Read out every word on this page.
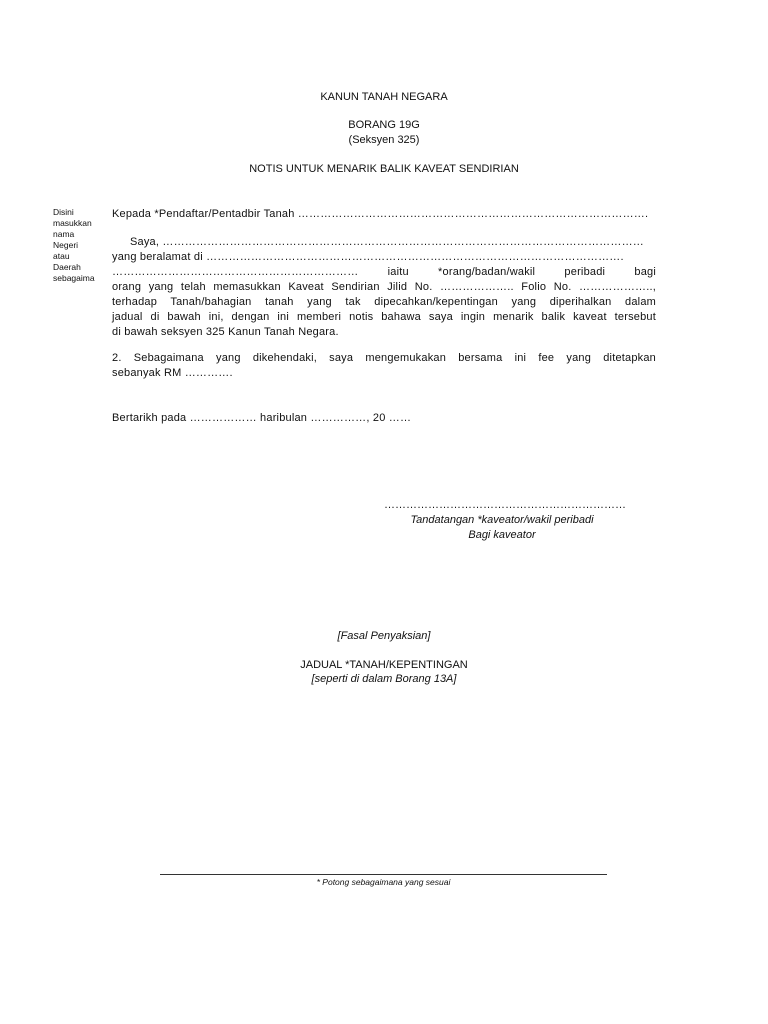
KANUN TANAH NEGARA
BORANG 19G
(Seksyen 325)
NOTIS UNTUK MENARIK BALIK KAVEAT SENDIRIAN
Disini
masukkan
nama
Negeri
atau
Daerah
sebagaima
Kepada *Pendaftar/Pentadbir Tanah ………………………………………………………………………………….
Saya, …………………………………………………………………………………………………………………
yang beralamat di ………………………………………………………………………………………………….
………………………………………………………… iaitu *orang/badan/wakil peribadi bagi
orang yang telah memasukkan Kaveat Sendirian Jilid No. ……………….. Folio No. ………………..,
terhadap Tanah/bahagian tanah yang tak dipecahkan/kepentingan yang diperihalkan dalam
jadual di bawah ini, dengan ini memberi notis bahawa saya ingin menarik balik kaveat tersebut
di bawah seksyen 325 Kanun Tanah Negara.
2. Sebagaimana yang dikehendaki, saya mengemukakan bersama ini fee yang ditetapkan
sebanyak RM ………….
Bertarikh pada ……………… haribulan ……………, 20 ……
…………………………………………………………
Tandatangan *kaveator/wakil peribadi
Bagi kaveator
[Fasal Penyaksian]
JADUAL *TANAH/KEPENTINGAN
[seperti di dalam Borang 13A]
* Potong sebagaimana yang sesuai
